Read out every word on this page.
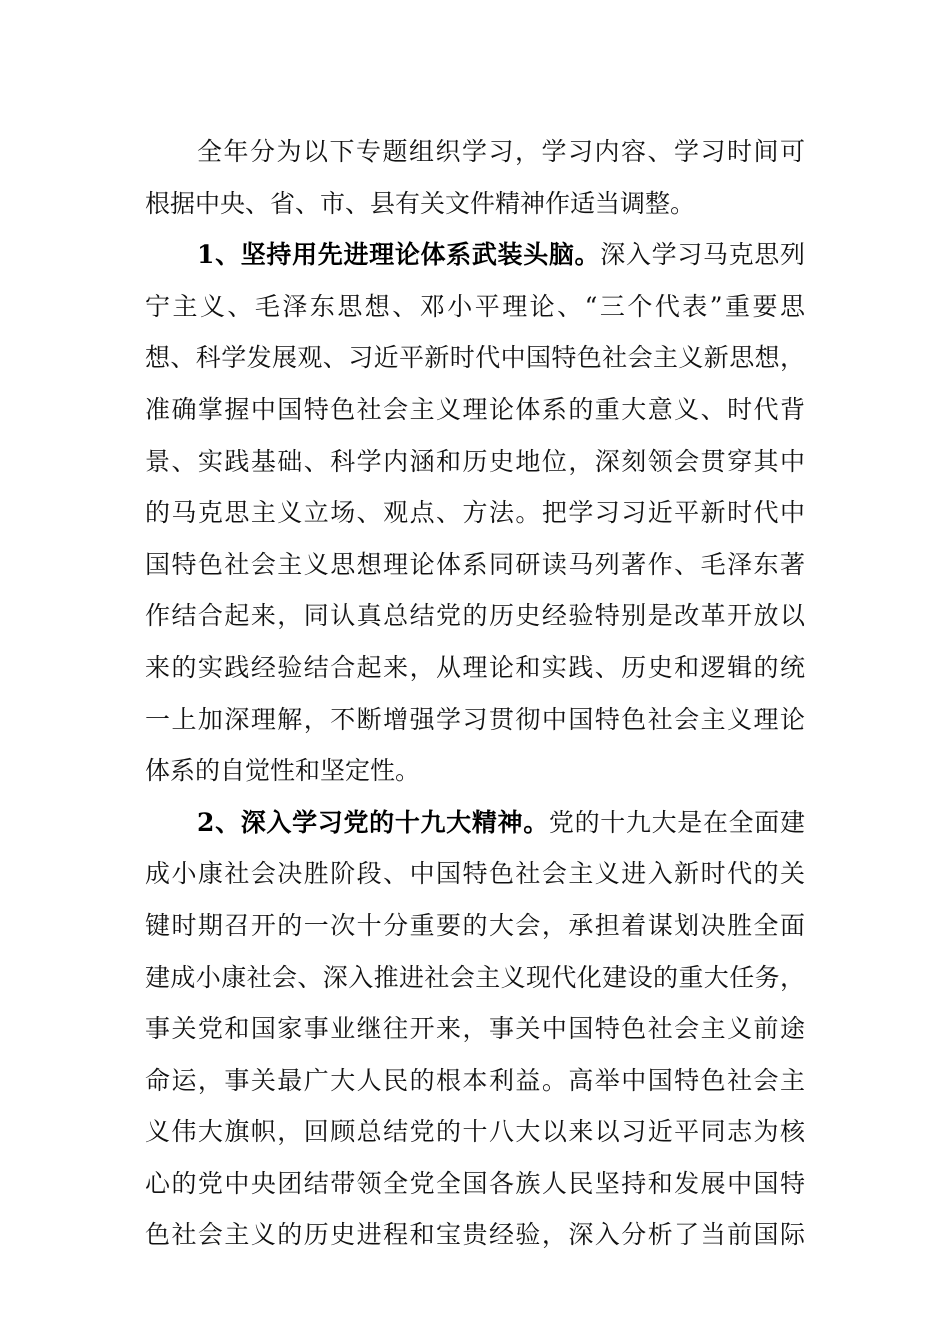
全年分为以下专题组织学习，学习内容、学习时间可
根据中央、省、市、县有关文件精神作适当调整。
1、坚持用先进理论体系武装头脑。深入学习马克思列
宁主义、毛泽东思想、邓小平理论、“三个代表”重要思
想、科学发展观、习近平新时代中国特色社会主义新思想，
准确掌握中国特色社会主义理论体系的重大意义、时代背
景、实践基础、科学内涵和历史地位，深刻领会贯穿其中
的马克思主义立场、观点、方法。把学习习近平新时代中
国特色社会主义思想理论体系同研读马列著作、毛泽东著
作结合起来，同认真总结党的历史经验特别是改革开放以
来的实践经验结合起来，从理论和实践、历史和逻辑的统
一上加深理解，不断增强学习贯彻中国特色社会主义理论
体系的自觉性和坚定性。
2、深入学习党的十九大精神。党的十九大是在全面建
成小康社会决胜阶段、中国特色社会主义进入新时代的关
键时期召开的一次十分重要的大会，承担着谋划决胜全面
建成小康社会、深入推进社会主义现代化建设的重大任务，
事关党和国家事业继往开来，事关中国特色社会主义前途
命运，事关最广大人民的根本利益。高举中国特色社会主
义伟大旗帜，回顾总结党的十八大以来以习近平同志为核
心的党中央团结带领全党全国各族人民坚持和发展中国特
色社会主义的历史进程和宝贵经验，深入分析了当前国际
